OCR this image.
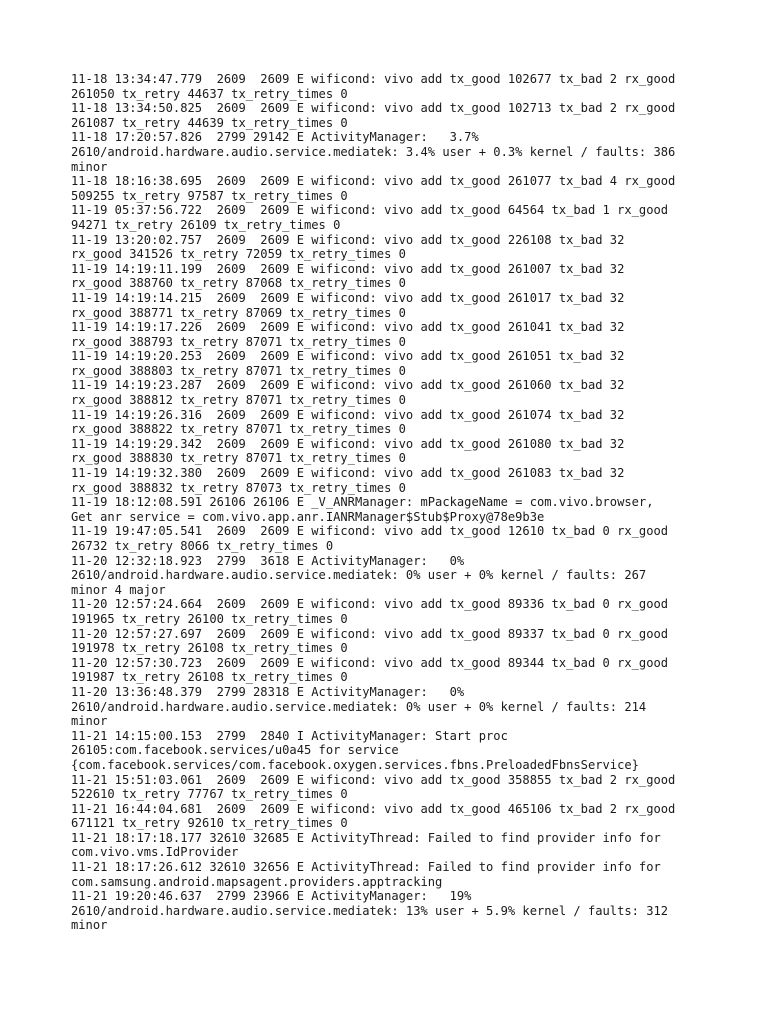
11-18 13:34:47.779  2609  2609 E wificond: vivo add tx_good 102677 tx_bad 2 rx_good
261050 tx_retry 44637 tx_retry_times 0
11-18 13:34:50.825  2609  2609 E wificond: vivo add tx_good 102713 tx_bad 2 rx_good
261087 tx_retry 44639 tx_retry_times 0
11-18 17:20:57.826  2799 29142 E ActivityManager:   3.7%
2610/android.hardware.audio.service.mediatek: 3.4% user + 0.3% kernel / faults: 386
minor
11-18 18:16:38.695  2609  2609 E wificond: vivo add tx_good 261077 tx_bad 4 rx_good
509255 tx_retry 97587 tx_retry_times 0
11-19 05:37:56.722  2609  2609 E wificond: vivo add tx_good 64564 tx_bad 1 rx_good
94271 tx_retry 26109 tx_retry_times 0
11-19 13:20:02.757  2609  2609 E wificond: vivo add tx_good 226108 tx_bad 32
rx_good 341526 tx_retry 72059 tx_retry_times 0
11-19 14:19:11.199  2609  2609 E wificond: vivo add tx_good 261007 tx_bad 32
rx_good 388760 tx_retry 87068 tx_retry_times 0
11-19 14:19:14.215  2609  2609 E wificond: vivo add tx_good 261017 tx_bad 32
rx_good 388771 tx_retry 87069 tx_retry_times 0
11-19 14:19:17.226  2609  2609 E wificond: vivo add tx_good 261041 tx_bad 32
rx_good 388793 tx_retry 87071 tx_retry_times 0
11-19 14:19:20.253  2609  2609 E wificond: vivo add tx_good 261051 tx_bad 32
rx_good 388803 tx_retry 87071 tx_retry_times 0
11-19 14:19:23.287  2609  2609 E wificond: vivo add tx_good 261060 tx_bad 32
rx_good 388812 tx_retry 87071 tx_retry_times 0
11-19 14:19:26.316  2609  2609 E wificond: vivo add tx_good 261074 tx_bad 32
rx_good 388822 tx_retry 87071 tx_retry_times 0
11-19 14:19:29.342  2609  2609 E wificond: vivo add tx_good 261080 tx_bad 32
rx_good 388830 tx_retry 87071 tx_retry_times 0
11-19 14:19:32.380  2609  2609 E wificond: vivo add tx_good 261083 tx_bad 32
rx_good 388832 tx_retry 87073 tx_retry_times 0
11-19 18:12:08.591 26106 26106 E _V_ANRManager: mPackageName = com.vivo.browser,
Get anr service = com.vivo.app.anr.IANRManager$Stub$Proxy@78e9b3e
11-19 19:47:05.541  2609  2609 E wificond: vivo add tx_good 12610 tx_bad 0 rx_good
26732 tx_retry 8066 tx_retry_times 0
11-20 12:32:18.923  2799  3618 E ActivityManager:   0%
2610/android.hardware.audio.service.mediatek: 0% user + 0% kernel / faults: 267
minor 4 major
11-20 12:57:24.664  2609  2609 E wificond: vivo add tx_good 89336 tx_bad 0 rx_good
191965 tx_retry 26100 tx_retry_times 0
11-20 12:57:27.697  2609  2609 E wificond: vivo add tx_good 89337 tx_bad 0 rx_good
191978 tx_retry 26108 tx_retry_times 0
11-20 12:57:30.723  2609  2609 E wificond: vivo add tx_good 89344 tx_bad 0 rx_good
191987 tx_retry 26108 tx_retry_times 0
11-20 13:36:48.379  2799 28318 E ActivityManager:   0%
2610/android.hardware.audio.service.mediatek: 0% user + 0% kernel / faults: 214
minor
11-21 14:15:00.153  2799  2840 I ActivityManager: Start proc
26105:com.facebook.services/u0a45 for service
{com.facebook.services/com.facebook.oxygen.services.fbns.PreloadedFbnsService}
11-21 15:51:03.061  2609  2609 E wificond: vivo add tx_good 358855 tx_bad 2 rx_good
522610 tx_retry 77767 tx_retry_times 0
11-21 16:44:04.681  2609  2609 E wificond: vivo add tx_good 465106 tx_bad 2 rx_good
671121 tx_retry 92610 tx_retry_times 0
11-21 18:17:18.177 32610 32685 E ActivityThread: Failed to find provider info for
com.vivo.vms.IdProvider
11-21 18:17:26.612 32610 32656 E ActivityThread: Failed to find provider info for
com.samsung.android.mapsagent.providers.apptracking
11-21 19:20:46.637  2799 23966 E ActivityManager:   19%
2610/android.hardware.audio.service.mediatek: 13% user + 5.9% kernel / faults: 312
minor
